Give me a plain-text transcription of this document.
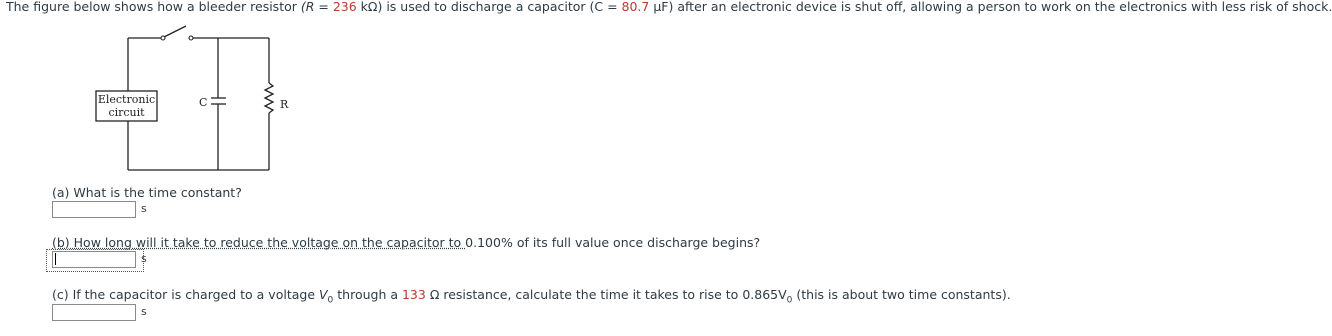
The figure below shows how a bleeder resistor (R = 236 kΩ) is used to discharge a capacitor (C = 80.7 μF) after an electronic device is shut off, allowing a person to work on the electronics with less risk of shock.
Electronic
circuit
C	R
(a) What is the time constant?
s
(b) How long will it take to reduce the voltage on the capacitor to 0.100% of its full value once discharge begins?
s
(c) If the capacitor is charged to a voltage $V_0$ through a 133 Ω resistance, calculate the time it takes to rise to $0.865V_0$ (this is about two time constants).
s
